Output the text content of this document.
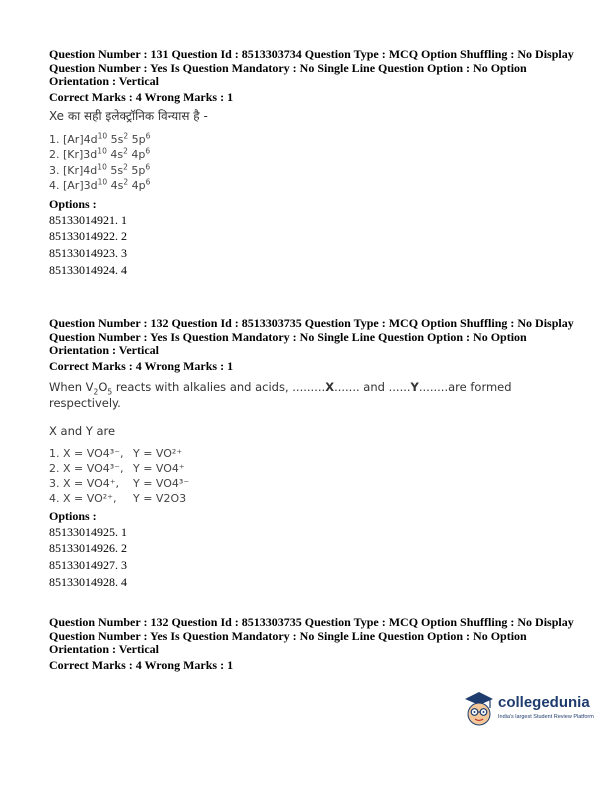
Question Number : 131 Question Id : 8513303734 Question Type : MCQ Option Shuffling : No Display Question Number : Yes Is Question Mandatory : No Single Line Question Option : No Option Orientation : Vertical
Correct Marks : 4 Wrong Marks : 1
Xe का सही इलेक्ट्रॉनिक विन्यास है -
1. $[Ar]4d^{10}$ $5s^2$ $5p^6$
2. $[Kr]3d^{10}$ $4s^2$ $4p^6$
3. $[Kr]4d^{10}$ $5s^2$ $5p^6$
4. $[Ar]3d^{10}$ $4s^2$ $4p^6$
Options :
85133014921. 1
85133014922. 2
85133014923. 3
85133014924. 4
Question Number : 132 Question Id : 8513303735 Question Type : MCQ Option Shuffling : No Display Question Number : Yes Is Question Mandatory : No Single Line Question Option : No Option Orientation : Vertical
Correct Marks : 4 Wrong Marks : 1
When $V_2O_5$ reacts with alkalies and acids, .........X....... and ......Y........are formed respectively.
X and Y are
1. X = VO4³⁻, Y = VO²⁺
2. X = VO4³⁻, Y = VO4⁺
3. X = VO4⁺, Y = VO4³⁻
4. X = VO²⁺, Y = V2O3
Options :
85133014925. 1
85133014926. 2
85133014927. 3
85133014928. 4
Question Number : 132 Question Id : 8513303735 Question Type : MCQ Option Shuffling : No Display Question Number : Yes Is Question Mandatory : No Single Line Question Option : No Option Orientation : Vertical
Correct Marks : 4 Wrong Marks : 1
collegedunia
India's largest Student Review Platform
